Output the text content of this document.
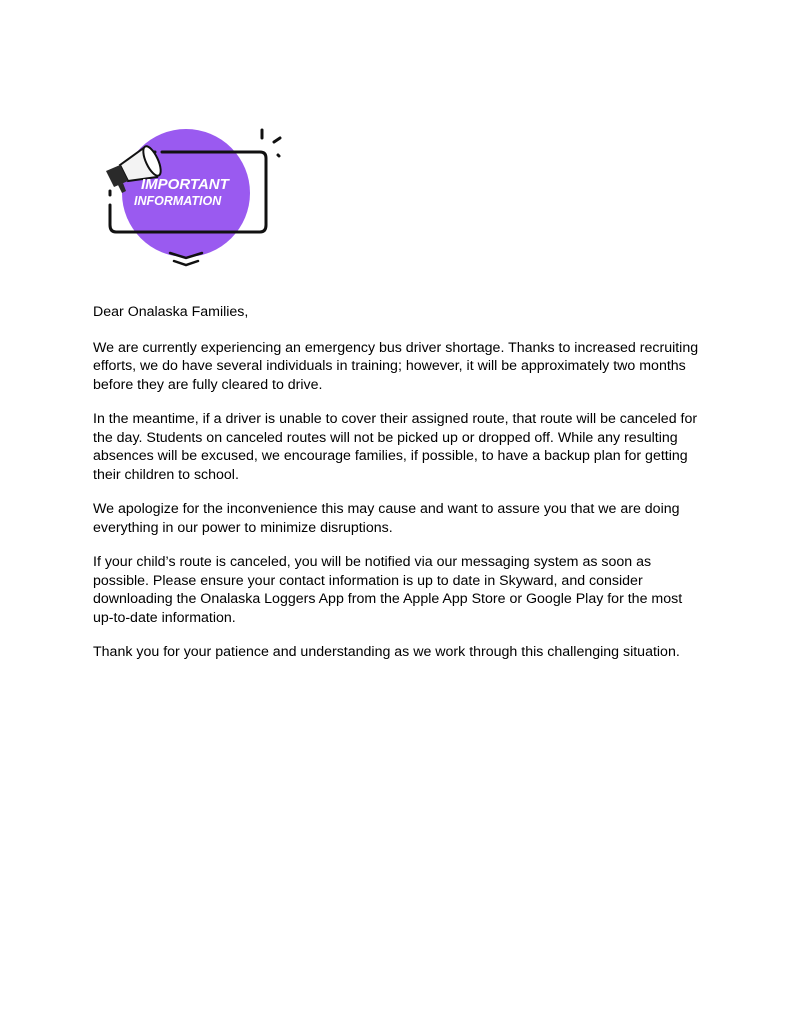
IMPORTANT
INFORMATION

Dear Onalaska Families,

We are currently experiencing an emergency bus driver shortage. Thanks to increased recruiting efforts, we do have several individuals in training; however, it will be approximately two months before they are fully cleared to drive.

In the meantime, if a driver is unable to cover their assigned route, that route will be canceled for the day. Students on canceled routes will not be picked up or dropped off. While any resulting absences will be excused, we encourage families, if possible, to have a backup plan for getting their children to school.

We apologize for the inconvenience this may cause and want to assure you that we are doing everything in our power to minimize disruptions.

If your child’s route is canceled, you will be notified via our messaging system as soon as possible. Please ensure your contact information is up to date in Skyward, and consider downloading the Onalaska Loggers App from the Apple App Store or Google Play for the most up-to-date information.

Thank you for your patience and understanding as we work through this challenging situation.
